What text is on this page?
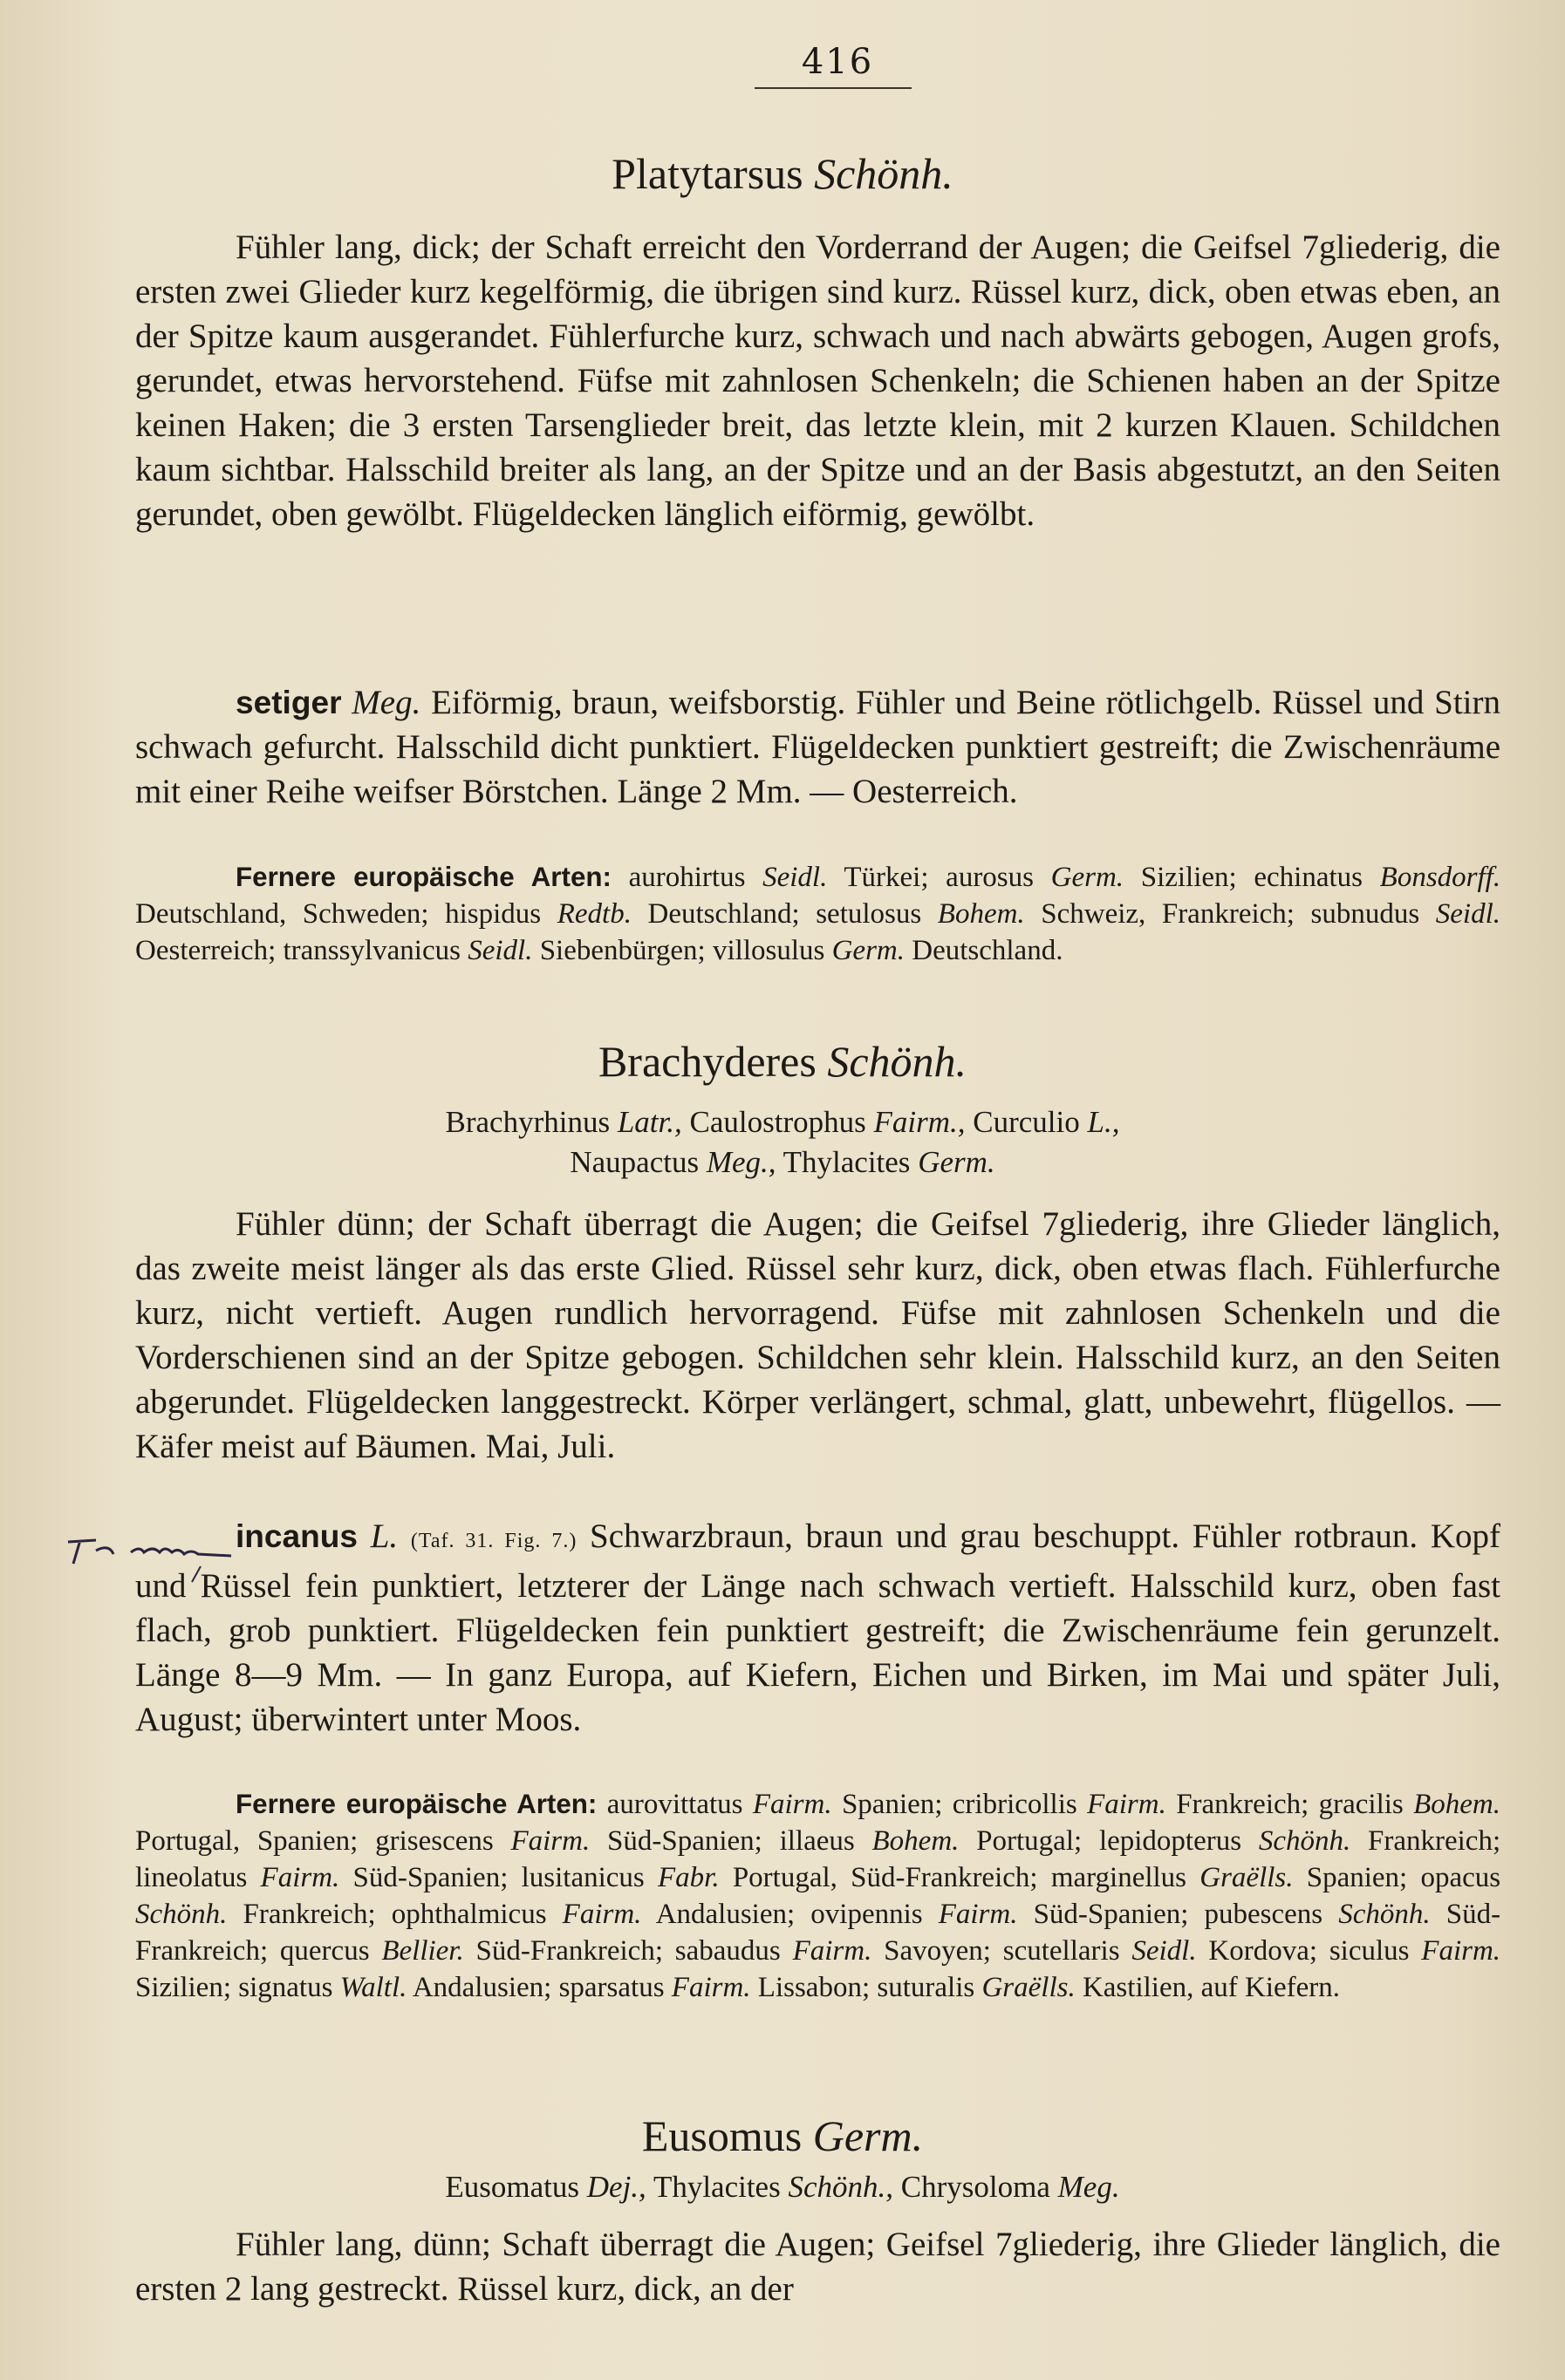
416
Platytarsus Schönh.
Fühler lang, dick; der Schaft erreicht den Vorderrand der Augen; die Geifsel 7gliederig, die ersten zwei Glieder kurz kegelförmig, die übrigen sind kurz. Rüssel kurz, dick, oben etwas eben, an der Spitze kaum ausgerandet. Fühlerfurche kurz, schwach und nach abwärts gebogen, Augen grofs, gerundet, etwas hervorstehend. Füfse mit zahnlosen Schenkeln; die Schienen haben an der Spitze keinen Haken; die 3 ersten Tarsenglieder breit, das letzte klein, mit 2 kurzen Klauen. Schildchen kaum sichtbar. Halsschild breiter als lang, an der Spitze und an der Basis abgestutzt, an den Seiten gerundet, oben gewölbt. Flügeldecken länglich eiförmig, gewölbt.
setiger Meg. Eiförmig, braun, weifsborstig. Fühler und Beine rötlichgelb. Rüssel und Stirn schwach gefurcht. Halsschild dicht punktiert. Flügeldecken punktiert gestreift; die Zwischenräume mit einer Reihe weifser Börstchen. Länge 2 Mm. — Oesterreich.
Fernere europäische Arten: aurohirtus Seidl. Türkei; aurosus Germ. Sizilien; echinatus Bonsdorff. Deutschland, Schweden; hispidus Redtb. Deutschland; setulosus Bohem. Schweiz, Frankreich; subnudus Seidl. Oesterreich; transsylvanicus Seidl. Siebenbürgen; villosulus Germ. Deutschland.
Brachyderes Schönh.
Brachyrhinus Latr., Caulostrophus Fairm., Curculio L., Naupactus Meg., Thylacites Germ.
Fühler dünn; der Schaft überragt die Augen; die Geifsel 7gliederig, ihre Glieder länglich, das zweite meist länger als das erste Glied. Rüssel sehr kurz, dick, oben etwas flach. Fühlerfurche kurz, nicht vertieft. Augen rundlich hervorragend. Füfse mit zahnlosen Schenkeln und die Vorderschienen sind an der Spitze gebogen. Schildchen sehr klein. Halsschild kurz, an den Seiten abgerundet. Flügeldecken langgestreckt. Körper verlängert, schmal, glatt, unbewehrt, flügellos. — Käfer meist auf Bäumen. Mai, Juli.
incanus L. (Taf. 31. Fig. 7.) Schwarzbraun, braun und grau beschuppt. Fühler rotbraun. Kopf und Rüssel fein punktiert, letzterer der Länge nach schwach vertieft. Halsschild kurz, oben fast flach, grob punktiert. Flügeldecken fein punktiert gestreift; die Zwischenräume fein gerunzelt. Länge 8—9 Mm. — In ganz Europa, auf Kiefern, Eichen und Birken, im Mai und später Juli, August; überwintert unter Moos.
Fernere europäische Arten: aurovittatus Fairm. Spanien; cribricollis Fairm. Frankreich; gracilis Bohem. Portugal, Spanien; grisescens Fairm. Süd-Spanien; illaeus Bohem. Portugal; lepidopterus Schönh. Frankreich; lineolatus Fairm. Süd-Spanien; lusitanicus Fabr. Portugal, Süd-Frankreich; marginellus Graëlls. Spanien; opacus Schönh. Frankreich; ophthalmicus Fairm. Andalusien; ovipennis Fairm. Süd-Spanien; pubescens Schönh. Süd-Frankreich; quercus Bellier. Süd-Frankreich; sabaudus Fairm. Savoyen; scutellaris Seidl. Kordova; siculus Fairm. Sizilien; signatus Waltl. Andalusien; sparsatus Fairm. Lissabon; suturalis Graëlls. Kastilien, auf Kiefern.
Eusomus Germ.
Eusomatus Dej., Thylacites Schönh., Chrysoloma Meg.
Fühler lang, dünn; Schaft überragt die Augen; Geifsel 7gliederig, ihre Glieder länglich, die ersten 2 lang gestreckt. Rüssel kurz, dick, an der
